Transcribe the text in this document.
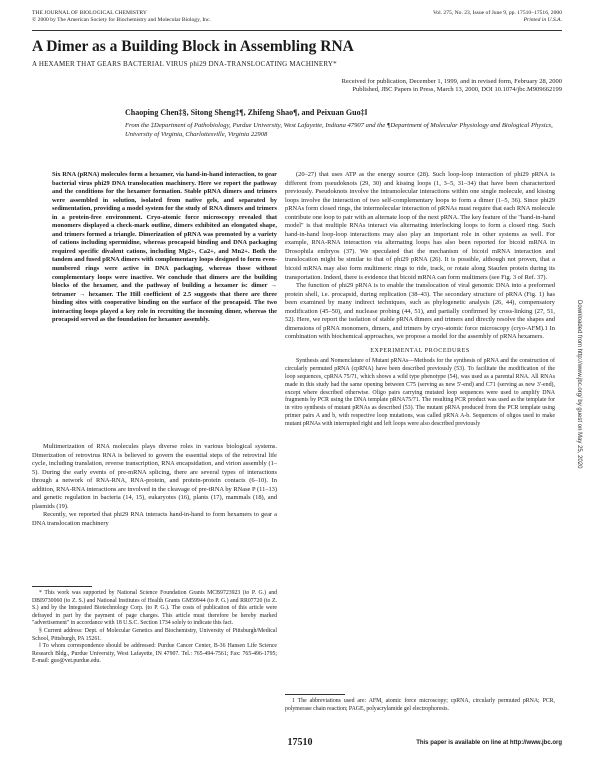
THE JOURNAL OF BIOLOGICAL CHEMISTRY
© 2000 by The American Society for Biochemistry and Molecular Biology, Inc.
Vol. 275, No. 23, Issue of June 9, pp. 17510–17516, 2000
Printed in U.S.A.
A Dimer as a Building Block in Assembling RNA
A HEXAMER THAT GEARS BACTERIAL VIRUS phi29 DNA-TRANSLOCATING MACHINERY*
Received for publication, December 1, 1999, and in revised form, February 28, 2000
Published, JBC Papers in Press, March 13, 2000, DOI 10.1074/jbc.M909662199
Chaoping Chen‡§, Sitong Sheng‡¶, Zhifeng Shao¶, and Peixuan Guo‡‖
From the ‡Department of Pathobiology, Purdue University, West Lafayette, Indiana 47907 and the ¶Department of Molecular Physiology and Biological Physics, University of Virginia, Charlottesville, Virginia 22908
Six RNA (pRNA) molecules form a hexamer, via hand-in-hand interaction, to gear bacterial virus phi29 DNA translocation machinery. Here we report the pathway and the conditions for the hexamer formation. Stable pRNA dimers and trimers were assembled in solution, isolated from native gels, and separated by sedimentation, providing a model system for the study of RNA dimers and trimers in a protein-free environment. Cryo-atomic force microscopy revealed that monomers displayed a check-mark outline, dimers exhibited an elongated shape, and trimers formed a triangle. Dimerization of pRNA was promoted by a variety of cations including spermidine, whereas procapsid binding and DNA packaging required specific divalent cations, including Mg2+, Ca2+, and Mn2+. Both the tandem and fused pRNA dimers with complementary loops designed to form even-numbered rings were active in DNA packaging, whereas those without complementary loops were inactive. We conclude that dimers are the building blocks of the hexamer, and the pathway of building a hexamer is: dimer → tetramer → hexamer. The Hill coefficient of 2.5 suggests that there are three binding sites with cooperative binding on the surface of the procapsid. The two interacting loops played a key role in recruiting the incoming dimer, whereas the procapsid served as the foundation for hexamer assembly.

Multimerization of RNA molecules plays diverse roles in various biological systems. Dimerization of retrovirus RNA is believed to govern the essential steps of the retroviral life cycle, including translation, reverse transcription, RNA encapsidation, and virion assembly (1–5). During the early events of pre-mRNA splicing, there are several types of interactions through a network of RNA-RNA, RNA-protein, and protein-protein contacts (6–10). In addition, RNA-RNA interactions are involved in the cleavage of pre-tRNA by RNase P (11–13) and genetic regulation in bacteria (14, 15), eukaryotes (16), plants (17), mammals (18), and plasmids (19).

Recently, we reported that phi29 RNA interacts hand-in-hand to form hexamers to gear a DNA translocation machinery

(20–27) that uses ATP as the energy source (28). Such loop-loop interaction of phi29 pRNA is different from pseudoknots (29, 30) and kissing loops (1, 3–5, 31–34) that have been characterized previously. Pseudoknots involve the intramolecular interactions within one single molecule, and kissing loops involve the interaction of two self-complementary loops to form a dimer (1–5, 36). Since phi29 pRNAs form closed rings, the intermolecular interaction of pRNAs must require that each RNA molecule contribute one loop to pair with an alternate loop of the next pRNA. The key feature of the "hand-in-hand model" is that multiple RNAs interact via alternating interlocking loops to form a closed ring. Such hand-in-hand loop-loop interactions may also play an important role in other systems as well. For example, RNA-RNA interaction via alternating loops has also been reported for bicoid mRNA in Drosophila embryos (37). We speculated that the mechanism of bicoid mRNA interaction and translocation might be similar to that of phi29 pRNA (26). It is possible, although not proven, that a bicoid mRNA may also form multimeric rings to ride, track, or rotate along Staufen protein during its transportation. Indeed, there is evidence that bicoid mRNA can form multimers (see Fig. 3 of Ref. 37).

The function of phi29 pRNA is to enable the translocation of viral genomic DNA into a preformed protein shell, i.e. procapsid, during replication (38–43). The secondary structure of pRNA (Fig. 1) has been examined by many indirect techniques, such as phylogenetic analysis (26, 44), compensatory modification (45–50), and nuclease probing (44, 51), and partially confirmed by cross-linking (27, 51, 52). Here, we report the isolation of stable pRNA dimers and trimers and directly resolve the shapes and dimensions of pRNA monomers, dimers, and trimers by cryo-atomic force microscopy (cryo-AFM).1 In combination with biochemical approaches, we propose a model for the assembly of pRNA hexamers.

EXPERIMENTAL PROCEDURES

Synthesis and Nomenclature of Mutant pRNAs—Methods for the synthesis of pRNA and the construction of circularly permuted pRNA (cpRNA) have been described previously (53). To facilitate the modification of the loop sequences, cpRNA 75/71, which shows a wild type phenotype (54), was used as a parental RNA. All RNAs made in this study had the same opening between C75 (serving as new 5′-end) and C71 (serving as new 3′-end), except where described otherwise. Oligo pairs carrying mutated loop sequences were used to amplify DNA fragments by PCR using the DNA template pRNA75/71. The resulting PCR product was used as the template for in vitro synthesis of mutant pRNAs as described (53). The mutant pRNA produced from the PCR template using primer pairs A and b, with respective loop mutations, was called pRNA A-b. Sequences of oligos used to make mutant pRNAs with interrupted right and left loops were also described previously

* This work was supported by National Science Foundation Grants MCB9723923 (to P. G.) and DBI9730060 (to Z. S.) and National Institutes of Health Grants GM59944 (to P. G.) and RR07720 (to Z. S.) and by the Integrated Biotechnology Corp. (to P. G.). The costs of publication of this article were defrayed in part by the payment of page charges. This article must therefore be hereby marked "advertisement" in accordance with 18 U.S.C. Section 1734 solely to indicate this fact.

§ Current address: Dept. of Molecular Genetics and Biochemistry, University of Pittsburgh/Medical School, Pittsburgh, PA 15261.

‖ To whom correspondence should be addressed: Purdue Cancer Center, B-36 Hansen Life Science Research Bldg., Purdue University, West Lafayette, IN 47907. Tel.: 765-494-7561; Fax: 765-496-1795; E-mail: guo@vet.purdue.edu.

1 The abbreviations used are: AFM, atomic force microscopy; cpRNA, circularly permuted pRNA; PCR, polymerase chain reaction; PAGE, polyacrylamide gel electrophoresis.

17510	This paper is available on line at http://www.jbc.org
Downloaded from http://www.jbc.org/ by guest on May 25, 2020
